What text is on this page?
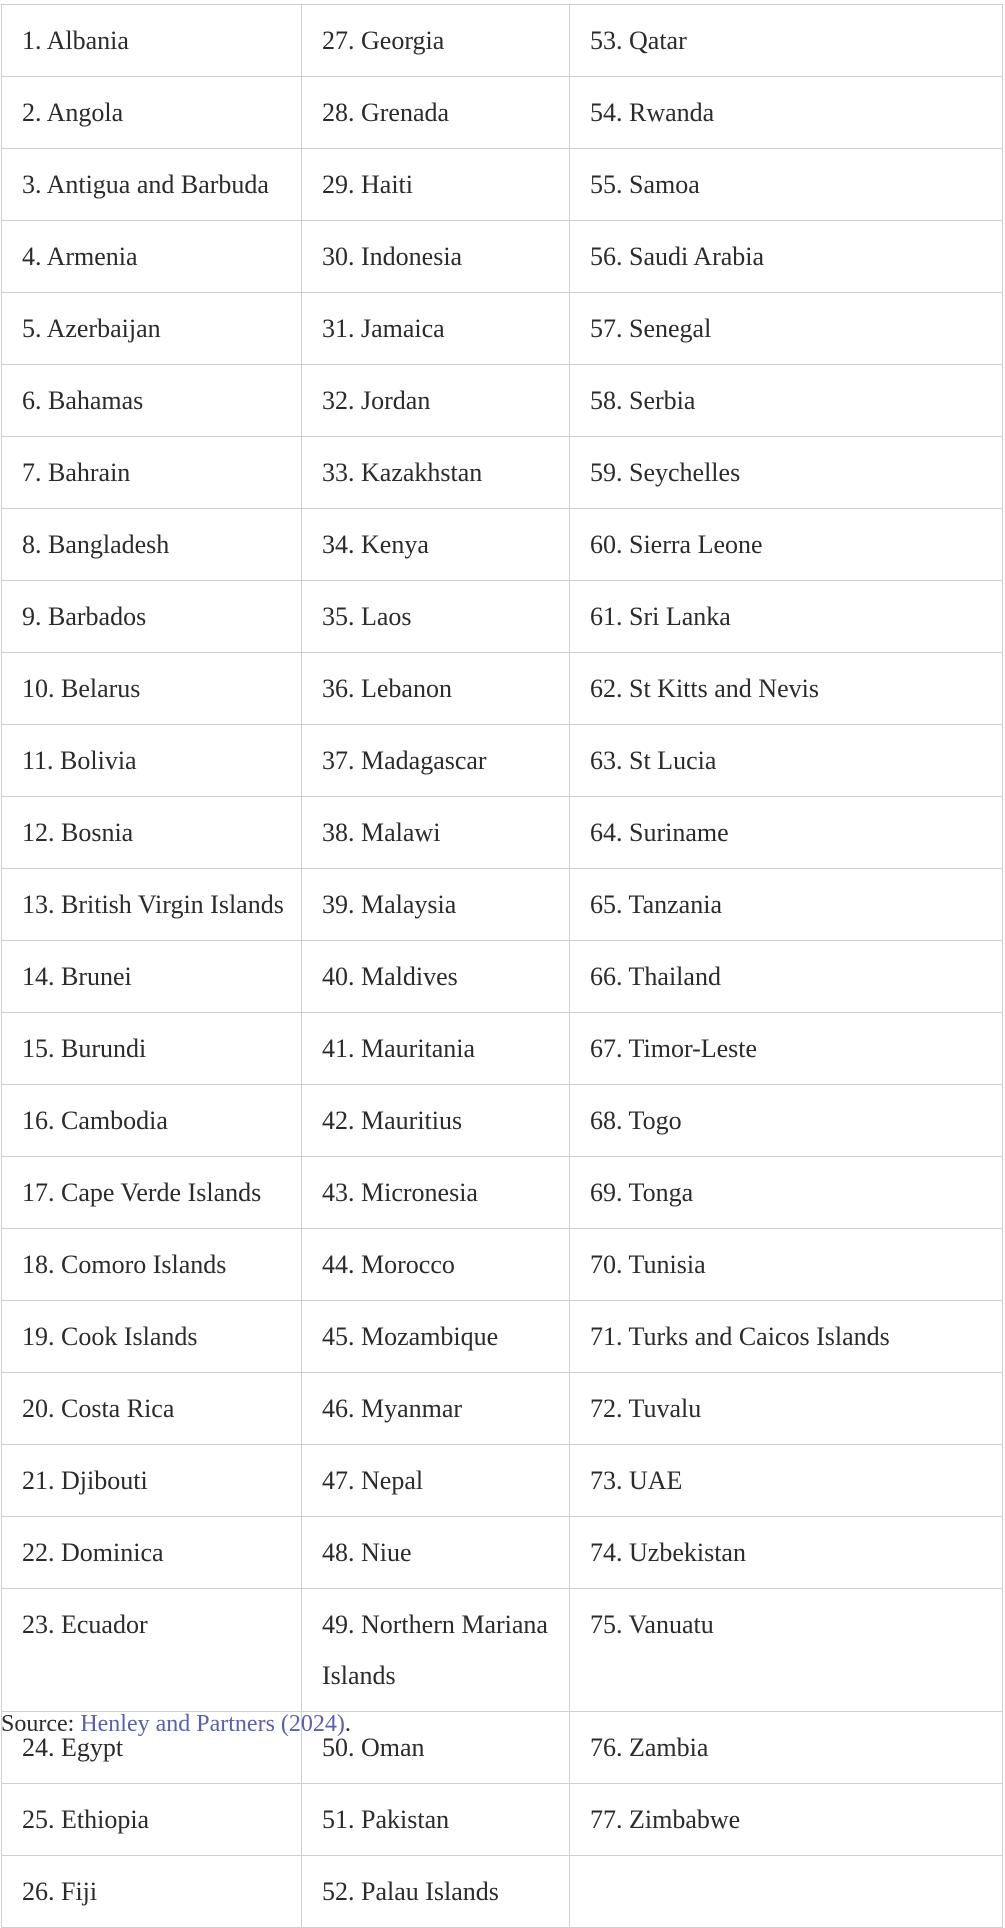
1. Albania	27. Georgia	53. Qatar

2. Angola	28. Grenada	54. Rwanda

3. Antigua and Barbuda	29. Haiti	55. Samoa

4. Armenia	30. Indonesia	56. Saudi Arabia

5. Azerbaijan	31. Jamaica	57. Senegal

6. Bahamas	32. Jordan	58. Serbia

7. Bahrain	33. Kazakhstan	59. Seychelles

8. Bangladesh	34. Kenya	60. Sierra Leone

9. Barbados	35. Laos	61. Sri Lanka

10. Belarus	36. Lebanon	62. St Kitts and Nevis

11. Bolivia	37. Madagascar	63. St Lucia

12. Bosnia	38. Malawi	64. Suriname

13. British Virgin Islands	39. Malaysia	65. Tanzania

14. Brunei	40. Maldives	66. Thailand

15. Burundi	41. Mauritania	67. Timor-Leste

16. Cambodia	42. Mauritius	68. Togo

17. Cape Verde Islands	43. Micronesia	69. Tonga

18. Comoro Islands	44. Morocco	70. Tunisia

19. Cook Islands	45. Mozambique	71. Turks and Caicos Islands

20. Costa Rica	46. Myanmar	72. Tuvalu

21. Djibouti	47. Nepal	73. UAE

22. Dominica	48. Niue	74. Uzbekistan

23. Ecuador	49. Northern Mariana Islands	75. Vanuatu

24. Egypt	50. Oman	76. Zambia

25. Ethiopia	51. Pakistan	77. Zimbabwe

26. Fiji	52. Palau Islands	

Source: Henley and Partners (2024).
